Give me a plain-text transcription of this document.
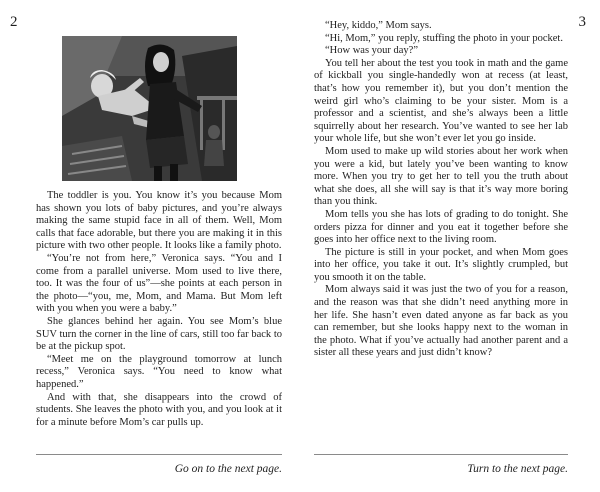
2

The toddler is you. You know it’s you because Mom has shown you lots of baby pictures, and you’re always making the same stupid face in all of them. Well, Mom calls that face adorable, but there you are making it in this picture with two other people. It looks like a family photo.

“You’re not from here,” Veronica says. “You and I come from a parallel universe. Mom used to live there, too. It was the four of us”—she points at each person in the photo—“you, me, Mom, and Mama. But Mom left with you when you were a baby.”

She glances behind her again. You see Mom’s blue SUV turn the corner in the line of cars, still too far back to be at the pickup spot.

“Meet me on the playground tomorrow at lunch recess,” Veronica says. “You need to know what happened.”

And with that, she disappears into the crowd of students. She leaves the photo with you, and you look at it for a minute before Mom’s car pulls up.

Go on to the next page.
3

“Hey, kiddo,” Mom says.

“Hi, Mom,” you reply, stuffing the photo in your pocket.

“How was your day?”

You tell her about the test you took in math and the game of kickball you single-handedly won at recess (at least, that’s how you remember it), but you don’t mention the weird girl who’s claiming to be your sister. Mom is a professor and a scientist, and she’s always been a little squirrelly about her research. You’ve wanted to see her lab your whole life, but she won’t ever let you go inside.

Mom used to make up wild stories about her work when you were a kid, but lately you’ve been wanting to know more. When you try to get her to tell you the truth about what she does, all she will say is that it’s way more boring than you think.

Mom tells you she has lots of grading to do tonight. She orders pizza for dinner and you eat it together before she goes into her office next to the living room.

The picture is still in your pocket, and when Mom goes into her office, you take it out. It’s slightly crumpled, but you smooth it on the table.

Mom always said it was just the two of you for a reason, and the reason was that she didn’t need anything more in her life. She hasn’t even dated anyone as far back as you can remember, but she looks happy next to the woman in the photo. What if you’ve actually had another parent and a sister all these years and just didn’t know?

Turn to the next page.
